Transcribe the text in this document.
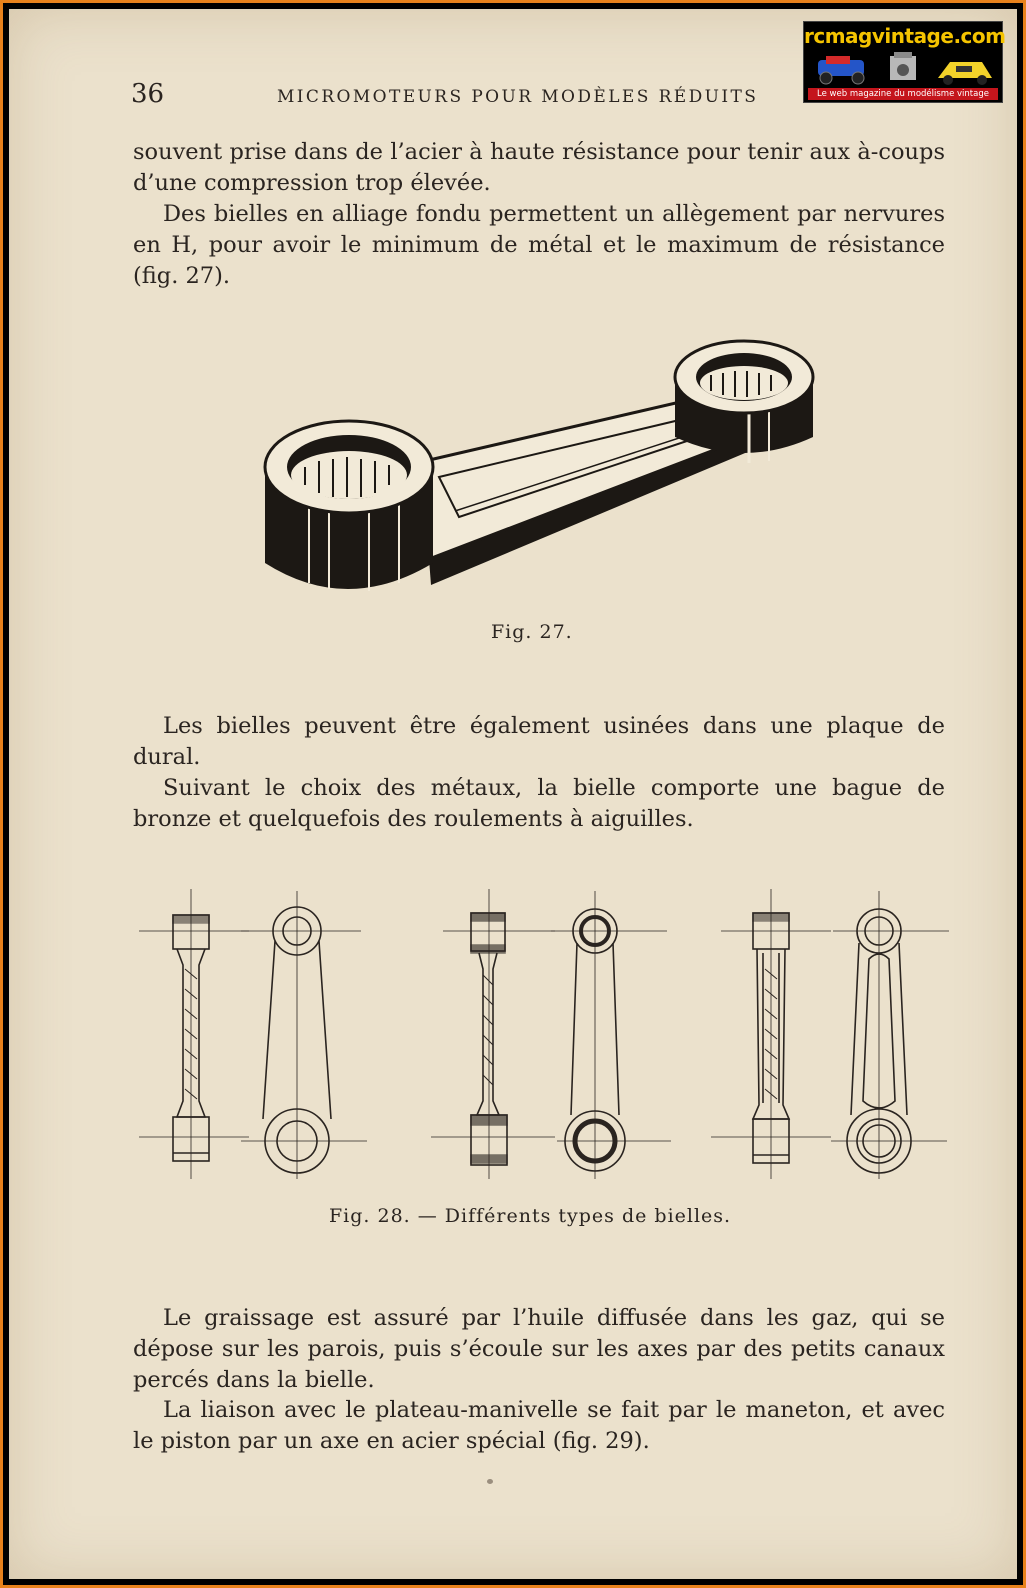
36	MICROMOTEURS POUR MODÈLES RÉDUITS
rcmagvintage.com
Le web magazine du modélisme vintage

souvent prise dans de l’acier à haute résistance pour tenir aux à-coups d’une compression trop élevée.

Des bielles en alliage fondu permettent un allègement par nervures en H, pour avoir le minimum de métal et le maximum de résistance (fig. 27).

Fig. 27.

Les bielles peuvent être également usinées dans une plaque de dural.

Suivant le choix des métaux, la bielle comporte une bague de bronze et quelquefois des roulements à aiguilles.

Fig. 28. — Différents types de bielles.

Le graissage est assuré par l’huile diffusée dans les gaz, qui se dépose sur les parois, puis s’écoule sur les axes par des petits canaux percés dans la bielle.

La liaison avec le plateau-manivelle se fait par le maneton, et avec le piston par un axe en acier spécial (fig. 29).
